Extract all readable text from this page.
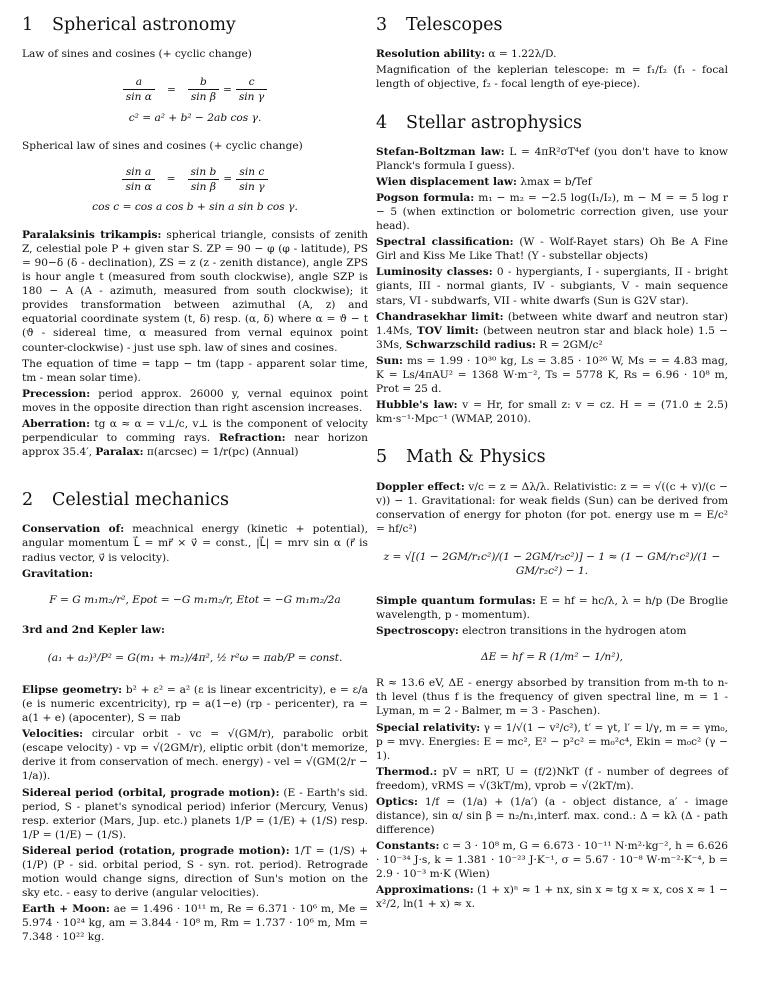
1 Spherical astronomy

Law of sines and cosines (+ cyclic change)

$\frac{a}{\text{sin α}} = \frac{b}{\text{sin β}} = \frac{c}{\text{sin γ}}$
c² = a² + b² − 2ab cos γ.

Spherical law of sines and cosines (+ cyclic change)

$\frac{\text{sin a}}{\text{sin α}} = \frac{\text{sin b}}{\text{sin β}} = \frac{\text{sin c}}{\text{sin γ}}$
cos c = cos a cos b + sin a sin b cos γ.

Paralaksinis trikampis: spherical triangle, consists of zenith Z, celestial pole P + given star S. ZP = 90 − φ (φ - latitude), PS = 90−δ (δ - declination), ZS = z (z - zenith distance), angle ZPS is hour angle t (measured from south clockwise), angle SZP is 180 − A (A - azimuth, measured from south clockwise); it provides transformation between azimuthal (A, z) and equatorial coordinate system (t, δ) resp. (α, δ) where α = ϑ − t (ϑ - sidereal time, α measured from vernal equinox point counter-clockwise) - just use sph. law of sines and cosines.

The equation of time = tapp − tm (tapp - apparent solar time, tm - mean solar time).

Precession: period approx. 26000 y, vernal equinox point moves in the opposite direction than right ascension increases.

Aberration: tg α ≈ α = v⊥/c, v⊥ is the component of velocity perpendicular to comming rays. Refraction: near horizon approx 35.4′, Paralax: π(arcsec) = 1/r(pc) (Annual)

2 Celestial mechanics

Conservation of: meachnical energy (kinetic + potential), angular momentum L⃗ = mr⃗ × v⃗ = const., |L⃗| = mrv sin α (r⃗ is radius vector, v⃗ is velocity).

Gravitation:

F = G m₁m₂/r², Epot = −G m₁m₂/r, Etot = −G m₁m₂/2a

3rd and 2nd Kepler law:

(a₁ + a₂)³/P² = G(m₁ + m₂)/4π², ½ r²ω = πab/P = const.

Elipse geometry: b² + ε² = a² (ε is linear excentricity), e = ε/a (e is numeric excentricity), rp = a(1−e) (rp - pericenter), ra = a(1 + e) (apocenter), S = πab

Velocities: circular orbit - vc = √(GM/r), parabolic orbit (escape velocity) - vp = √(2GM/r), eliptic orbit (don't memorize, derive it from conservation of mech. energy) - vel = √(GM(2/r − 1/a)).

Sidereal period (orbital, prograde motion): (E - Earth's sid. period, S - planet's synodical period) inferior (Mercury, Venus) resp. exterior (Mars, Jup. etc.) planets 1/P = (1/E) + (1/S) resp. 1/P = (1/E) − (1/S).

Sidereal period (rotation, prograde motion): 1/T = (1/S) + (1/P) (P - sid. orbital period, S - syn. rot. period). Retrograde motion would change signs, direction of Sun's motion on the sky etc. - easy to derive (angular velocities).

Earth + Moon: ae = 1.496 · 10¹¹ m, Re = 6.371 · 10⁶ m, Me = 5.974 · 10²⁴ kg, am = 3.844 · 10⁸ m, Rm = 1.737 · 10⁶ m, Mm = 7.348 · 10²² kg.

3 Telescopes

Resolution ability: α = 1.22λ/D.

Magnification of the keplerian telescope: m = f₁/f₂ (f₁ - focal length of objective, f₂ - focal length of eye-piece).

4 Stellar astrophysics

Stefan-Boltzman law: L = 4πR²σT⁴ef (you don't have to know Planck's formula I guess).

Wien displacement law: λmax = b/Tef

Pogson formula: m₁ − m₂ = −2.5 log(I₁/I₂), m − M = = 5 log r − 5 (when extinction or bolometric correction given, use your head).

Spectral classification: (W - Wolf-Rayet stars) Oh Be A Fine Girl and Kiss Me Like That! (Y - substellar objects)

Luminosity classes: 0 - hypergiants, I - supergiants, II - bright giants, III - normal giants, IV - subgiants, V - main sequence stars, VI - subdwarfs, VII - white dwarfs (Sun is G2V star).

Chandrasekhar limit: (between white dwarf and neutron star) 1.4Ms, TOV limit: (between neutron star and black hole) 1.5 − 3Ms, Schwarzschild radius: R = 2GM/c²

Sun: ms = 1.99 · 10³⁰ kg, Ls = 3.85 · 10²⁶ W, Ms = = 4.83 mag, K = Ls/4πAU² = 1368 W·m⁻², Ts = 5778 K, Rs = 6.96 · 10⁸ m, Prot = 25 d.

Hubble's law: v = Hr, for small z: v = cz. H = = (71.0 ± 2.5) km·s⁻¹·Mpc⁻¹ (WMAP, 2010).

5 Math & Physics

Doppler effect: v/c = z = Δλ/λ. Relativistic: z = = √((c + v)/(c − v)) − 1. Gravitational: for weak fields (Sun) can be derived from conservation of energy for photon (for pot. energy use m = E/c² = hf/c²)

z = √[(1 − 2GM/r₁c²)/(1 − 2GM/r₂c²)] − 1 ≈ (1 − GM/r₁c²)/(1 − GM/r₂c²) − 1.

Simple quantum formulas: E = hf = hc/λ, λ = h/p (De Broglie wavelength, p - momentum).

Spectroscopy: electron transitions in the hydrogen atom

ΔE = hf = R (1/m² − 1/n²),

R ≈ 13.6 eV, ΔE - energy absorbed by transition from m-th to n-th level (thus f is the frequency of given spectral line, m = 1 - Lyman, m = 2 - Balmer, m = 3 - Paschen).

Special relativity: γ = 1/√(1 − v²/c²), t′ = γt, l′ = l/γ, m = = γm₀, p = mvγ. Energies: E = mc², E² − p²c² = m₀²c⁴, Ekin = m₀c² (γ − 1).

Thermod.: pV = nRT, U = (f/2)NkT (f - number of degrees of freedom), vRMS = √(3kT/m), vprob = √(2kT/m).

Optics: 1/f = (1/a) + (1/a′) (a - object distance, a′ - image distance), sin α/ sin β = n₂/n₁,interf. max. cond.: Δ = kλ (Δ - path difference)

Constants: c = 3 · 10⁸ m, G = 6.673 · 10⁻¹¹ N·m²·kg⁻², h = 6.626 · 10⁻³⁴ J·s, k = 1.381 · 10⁻²³ J·K⁻¹, σ = 5.67 · 10⁻⁸ W·m⁻²·K⁻⁴, b = 2.9 · 10⁻³ m·K (Wien)

Approximations: (1 + x)ⁿ ≈ 1 + nx, sin x ≈ tg x ≈ x, cos x ≈ 1 − x²/2, ln(1 + x) ≈ x.
